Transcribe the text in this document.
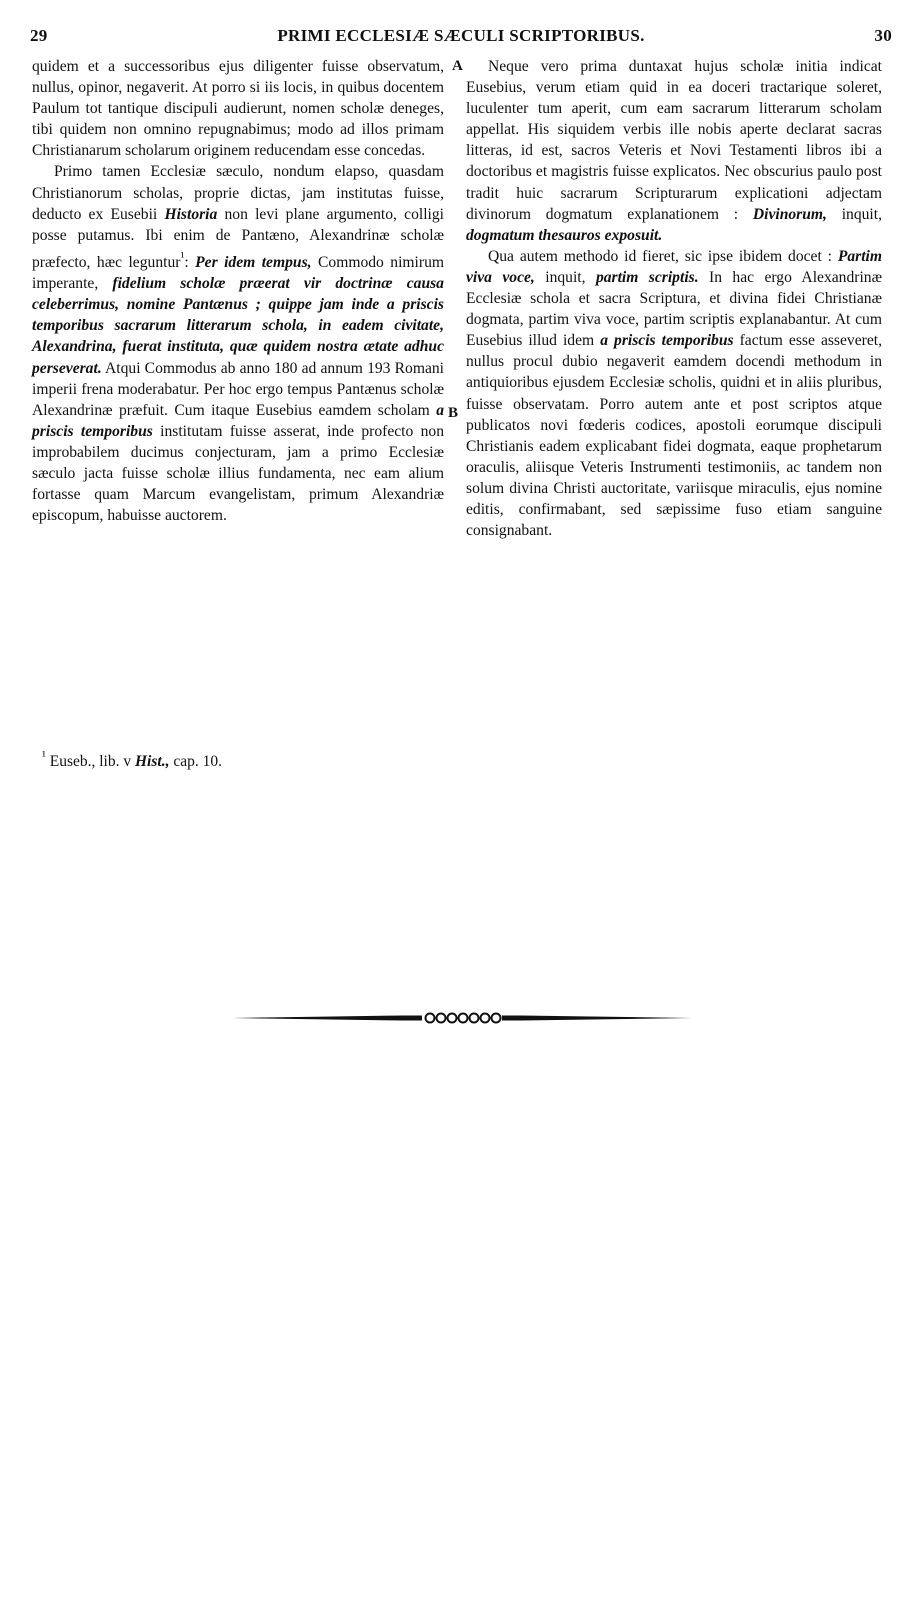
29	PRIMI ECCLESIÆ SÆCULI SCRIPTORIBUS.	30
A
B

quidem et a successoribus ejus diligenter fuisse observatum, nullus, opinor, negaverit. At porro si iis locis, in quibus docentem Paulum tot tantique discipuli audierunt, nomen scholæ deneges, tibi quidem non omnino repugnabimus; modo ad illos primam Christianarum scholarum originem reducendam esse concedas.

Primo tamen Ecclesiæ sæculo, nondum elapso, quasdam Christianorum scholas, proprie dictas, jam institutas fuisse, deducto ex Eusebii Historia non levi plane argumento, colligi posse putamus. Ibi enim de Pantæno, Alexandrinæ scholæ præfecto, hæc leguntur$^{^1}$: Per idem tempus, Commodo nimirum imperante, fidelium scholæ præerat vir doctrinæ causa celeberrimus, nomine Pantænus ; quippe jam inde a priscis temporibus sacrarum litterarum schola, in eadem civitate, Alexandrina, fuerat instituta, quæ quidem nostra ætate adhuc perseverat. Atqui Commodus ab anno 180 ad annum 193 Romani imperii frena moderabatur. Per hoc ergo tempus Pantænus scholæ Alexandrinæ præfuit. Cum itaque Eusebius eamdem scholam a priscis temporibus institutam fuisse asserat, inde profecto non improbabilem ducimus conjecturam, jam a primo Ecclesiæ sæculo jacta fuisse scholæ illius fundamenta, nec eam alium fortasse quam Marcum evangelistam, primum Alexandriæ episcopum, habuisse auctorem.

Neque vero prima duntaxat hujus scholæ initia indicat Eusebius, verum etiam quid in ea doceri tractarique soleret, luculenter tum aperit, cum eam sacrarum litterarum scholam appellat. His siquidem verbis ille nobis aperte declarat sacras litteras, id est, sacros Veteris et Novi Testamenti libros ibi a doctoribus et magistris fuisse explicatos. Nec obscurius paulo post tradit huic sacrarum Scripturarum explicationi adjectam divinorum dogmatum explanationem : Divinorum, inquit, dogmatum thesauros exposuit.

Qua autem methodo id fieret, sic ipse ibidem docet : Partim viva voce, inquit, partim scriptis. In hac ergo Alexandrinæ Ecclesiæ schola et sacra Scriptura, et divina fidei Christianæ dogmata, partim viva voce, partim scriptis explanabantur. At cum Eusebius illud idem a priscis temporibus factum esse asseveret, nullus procul dubio negaverit eamdem docendi methodum in antiquioribus ejusdem Ecclesiæ scholis, quidni et in aliis pluribus, fuisse observatam. Porro autem ante et post scriptos atque publicatos novi fœderis codices, apostoli eorumque discipuli Christianis eadem explicabant fidei dogmata, eaque prophetarum oraculis, aliisque Veteris Instrumenti testimoniis, ac tandem non solum divina Christi auctoritate, variisque miraculis, ejus nomine editis, confirmabant, sed sæpissime fuso etiam sanguine consignabant.

$^{^1}$ Euseb., lib. v Hist., cap. 10.
